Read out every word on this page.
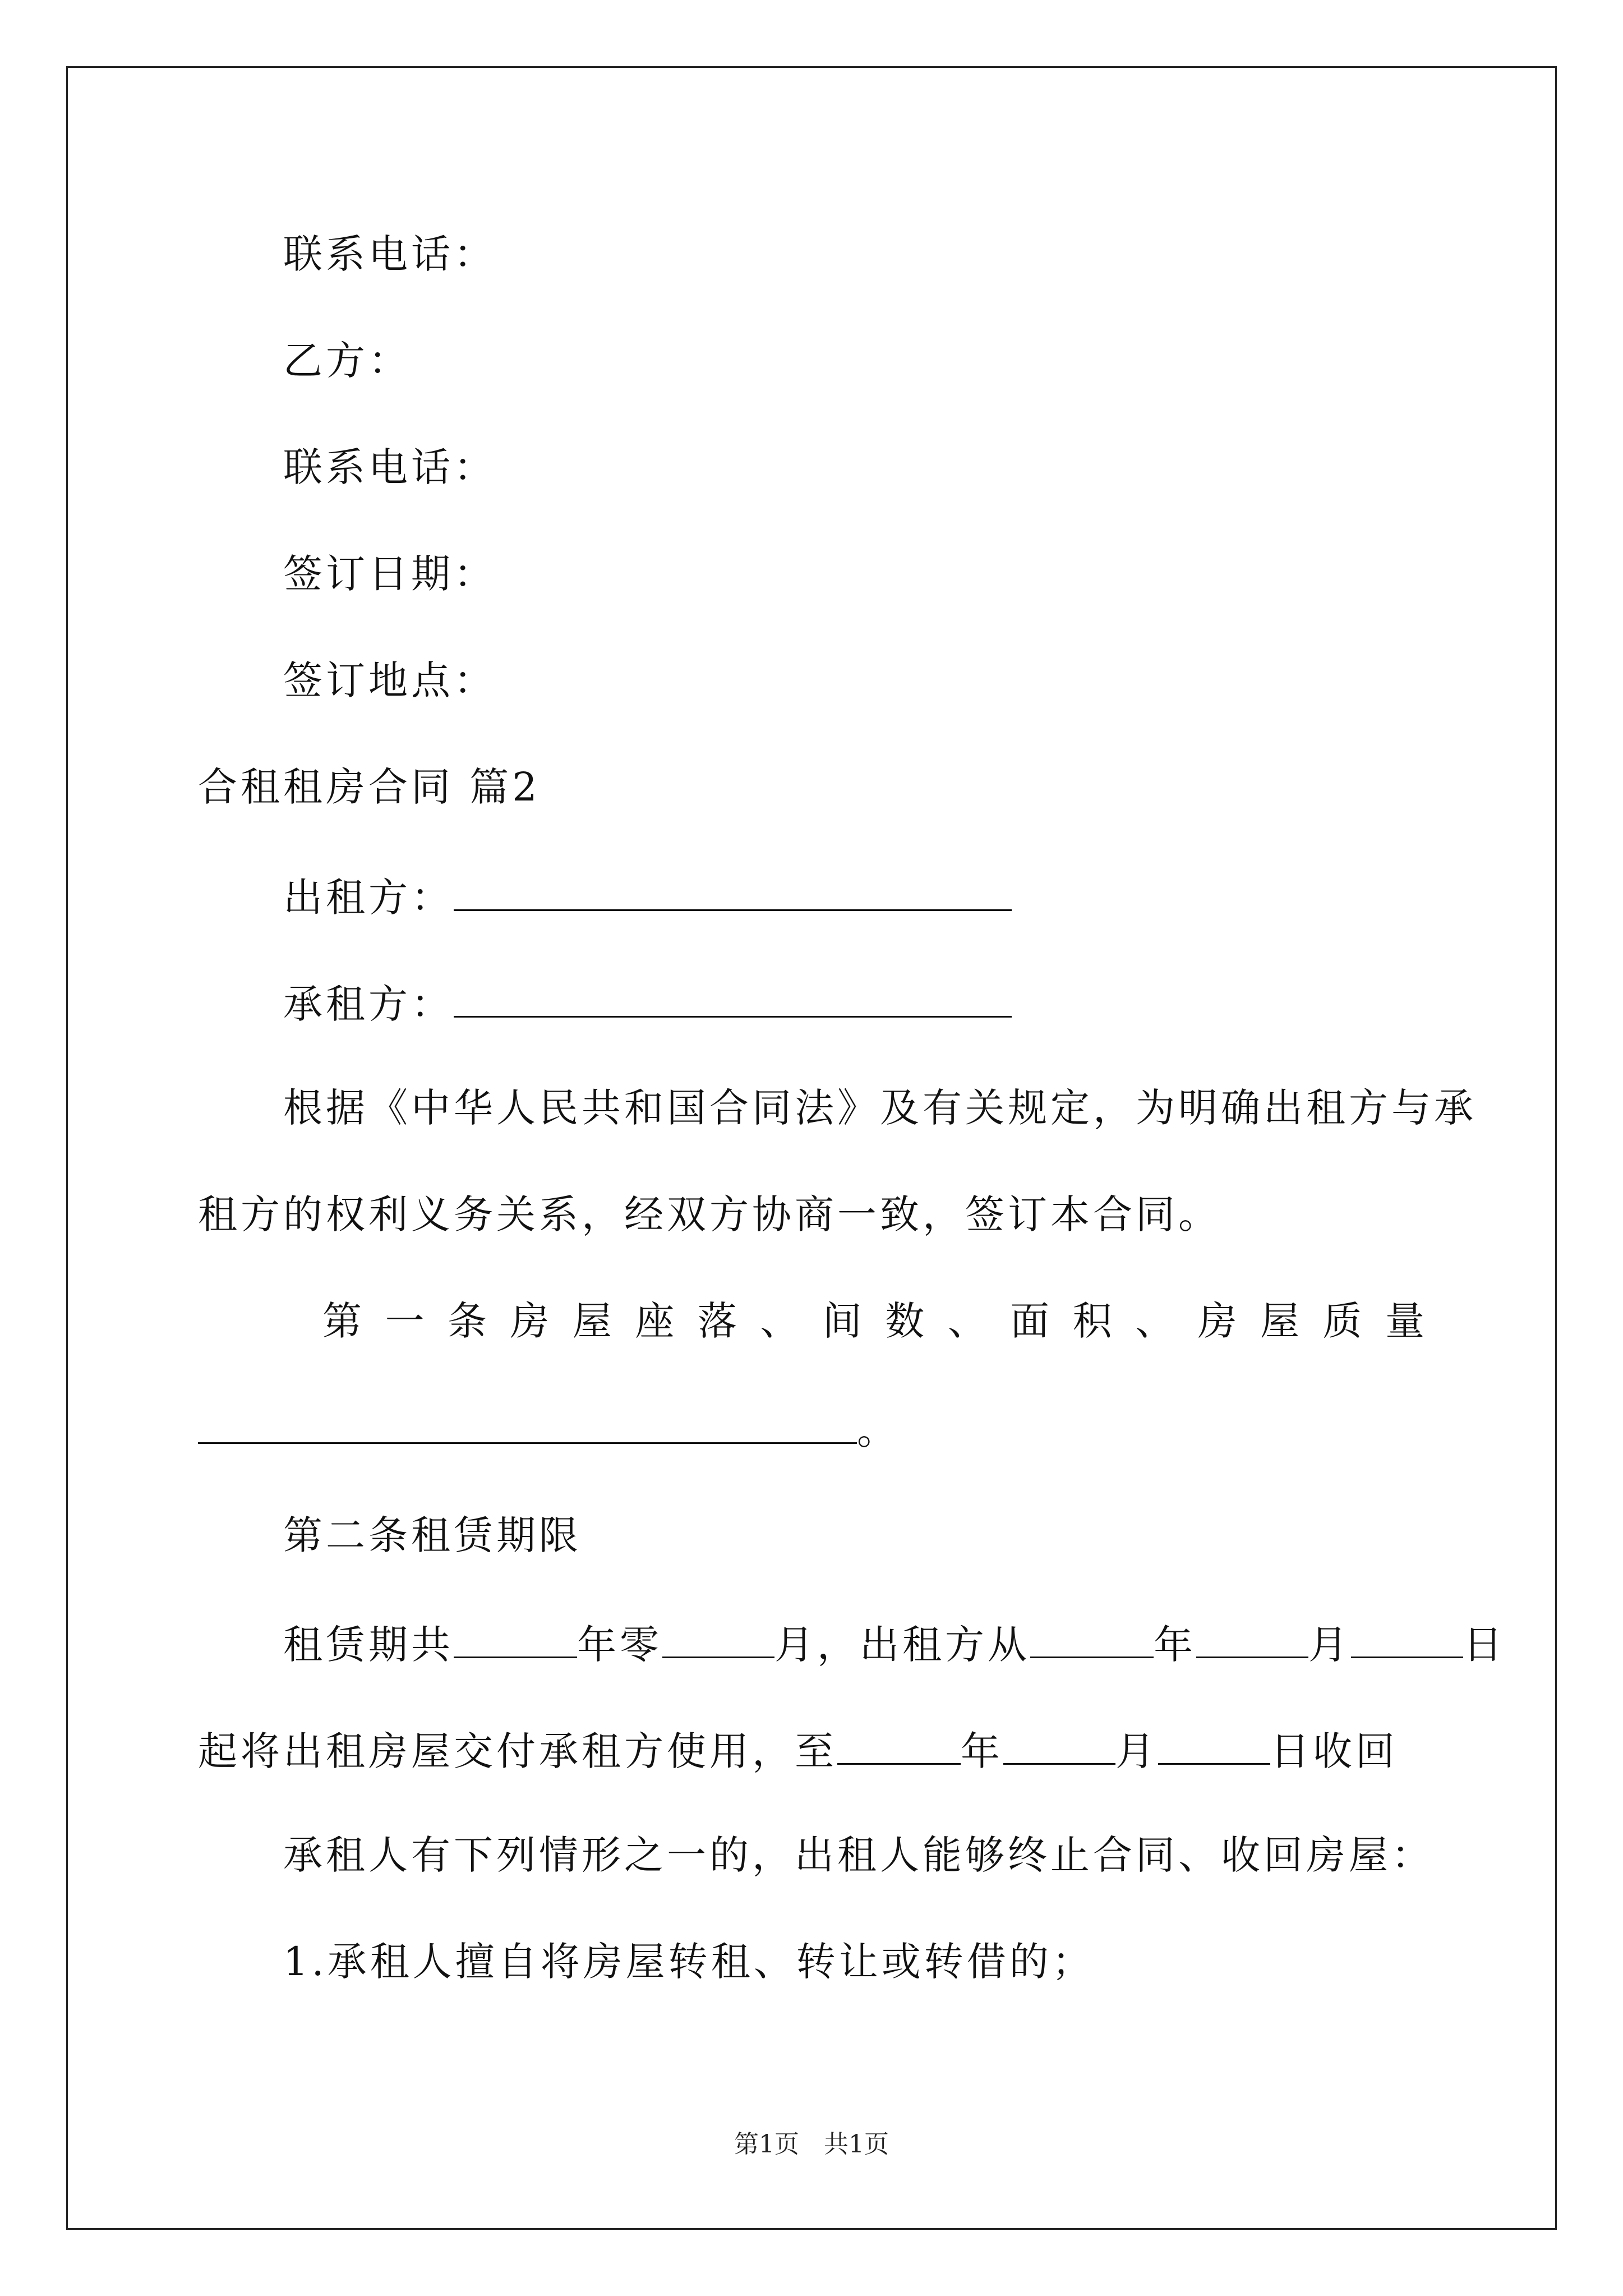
联系电话：
乙方：
联系电话：
签订日期：
签订地点：
合租租房合同 篇2
出租方：
承租方：
根据《中华人民共和国合同法》及有关规定，为明确出租方与承
租方的权利义务关系，经双方协商一致，签订本合同。
第 一 条 房 屋 座 落 、 间 数 、 面 积 、 房 屋 质 量
。
第二条租赁期限
租赁期共	年零	月，出租方从	年	月	日
起将出租房屋交付承租方使用，至	年	月	日收回
承租人有下列情形之一的，出租人能够终止合同、收回房屋：
1.承租人擅自将房屋转租、转让或转借的；
第1页　共1页
